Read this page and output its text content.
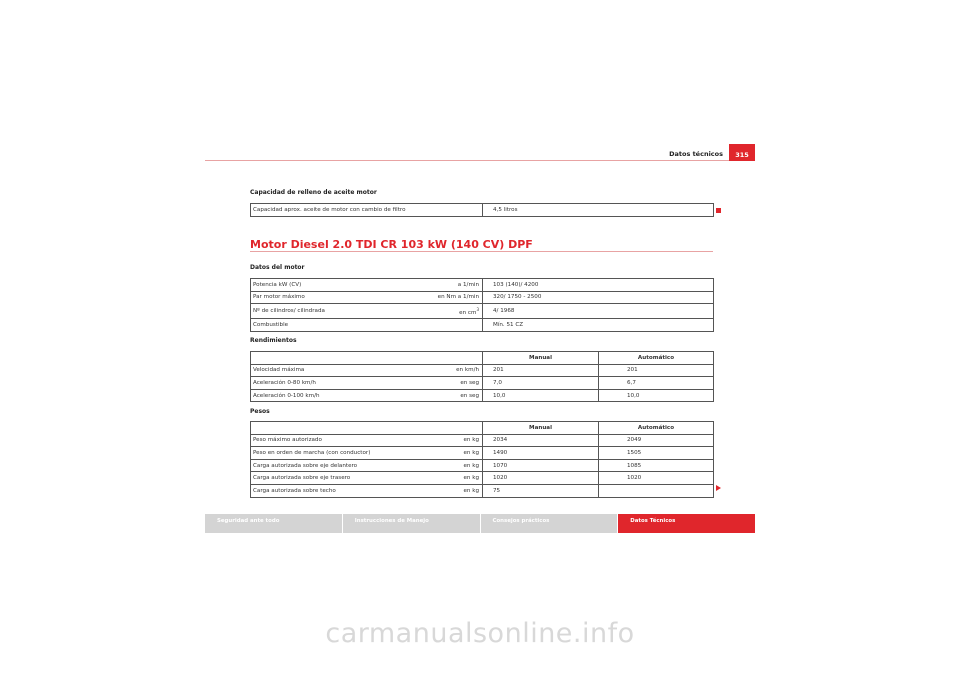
Datos técnicos	315
Capacidad de relleno de aceite motor
Capacidad aprox. aceite de motor con cambio de filtro	4,5 litros
Motor Diesel 2.0 TDI CR 103 kW (140 CV) DPF
Datos del motor
Potencia kW (CV)	a 1/min	103 (140)/ 4200
Par motor máximo	en Nm a 1/min	320/ 1750 - 2500
Nº de cilindros/ cilindrada	en $cm^3$	4/ 1968
Combustible		Mín. 51 CZ
Rendimientos
		Manual	Automático
Velocidad máxima	en km/h	201	201
Aceleración 0-80 km/h	en seg	7,0	6,7
Aceleración 0-100 km/h	en seg	10,0	10,0
Pesos
		Manual	Automático
Peso máximo autorizado	en kg	2034	2049
Peso en orden de marcha (con conductor)	en kg	1490	1505
Carga autorizada sobre eje delantero	en kg	1070	1085
Carga autorizada sobre eje trasero	en kg	1020	1020
Carga autorizada sobre techo	en kg	75	
Seguridad ante todo	Instrucciones de Manejo	Consejos prácticos	Datos Técnicos
carmanualsonline.info
